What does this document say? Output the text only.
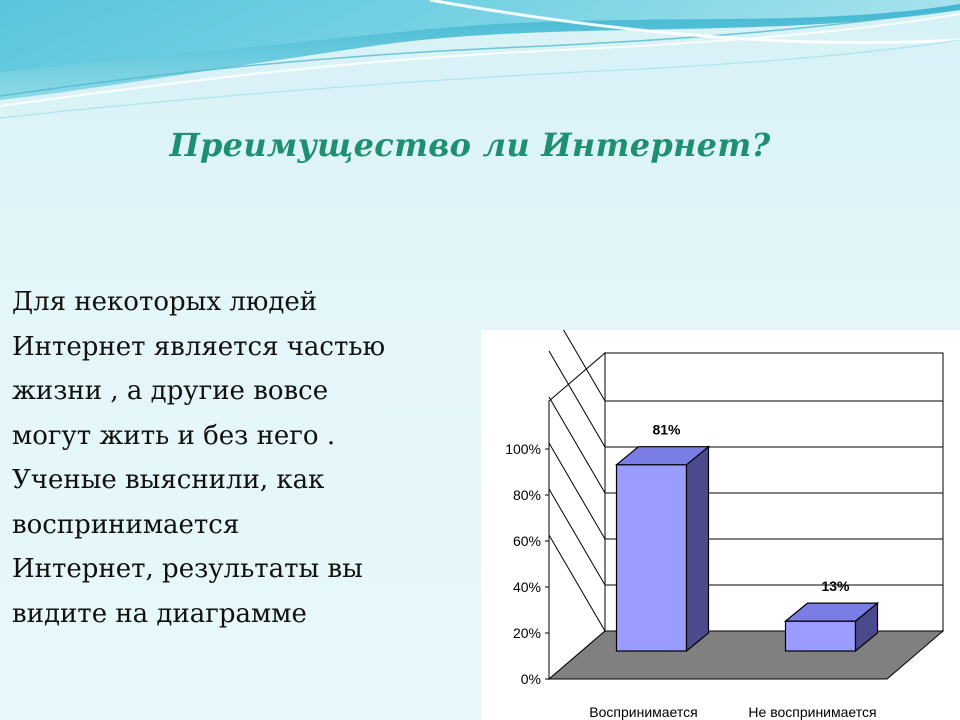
Преимущество ли Интернет?
Для некоторых людей
Интернет является частью
жизни , а другие вовсе
могут жить и без него .
Ученые выяснили, как
воспринимается
Интернет, результаты вы
видите на диаграмме
0%
20%
40%
60%
80%
100%
81%
Воспринимается
13%
Не воспринимается
